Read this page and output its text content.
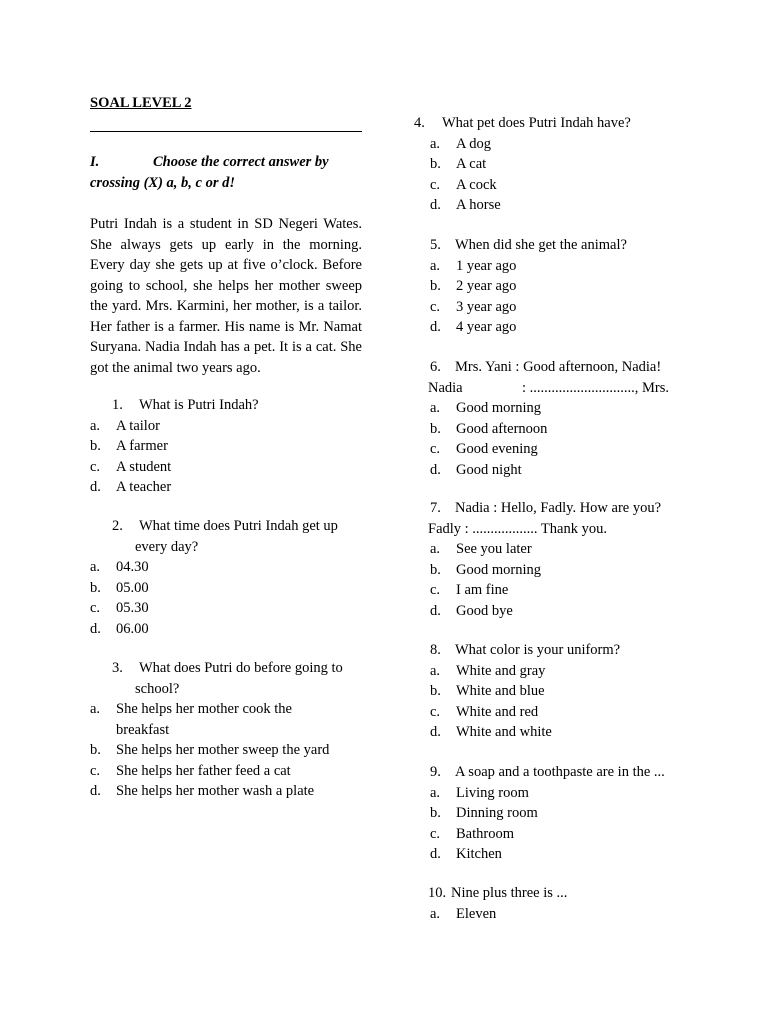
SOAL LEVEL 2
I.	Choose the correct answer by
crossing (X) a, b, c or d!
Putri Indah is a student in SD Negeri Wates. She always gets up early in the morning. Every day she gets up at five o’clock. Before going to school, she helps her mother sweep the yard. Mrs. Karmini, her mother, is a tailor. Her father is a farmer. His name is Mr. Namat Suryana. Nadia Indah has a pet. It is a cat. She got the animal two years ago.
1.	What is Putri Indah?
a.	A tailor
b.	A farmer
c.	A student
d.	A teacher
2.	What time does Putri Indah get up
every day?
a.	04.30
b.	05.00
c.	05.30
d.	06.00
3.	What does Putri do before going to
school?
a.	She helps her mother cook the
breakfast
b.	She helps her mother sweep the yard
c.	She helps her father feed a cat
d.	She helps her mother wash a plate
4.	What pet does Putri Indah have?
a.	A dog
b.	A cat
c.	A cock
d.	A horse
5. When did she get the animal?
a.	1 year ago
b.	2 year ago
c.	3 year ago
d.	4 year ago
6. Mrs. Yani : Good afternoon, Nadia!
Nadia	: ............................., Mrs.
a.	Good morning
b.	Good afternoon
c.	Good evening
d.	Good night
7. Nadia : Hello, Fadly. How are you?
Fadly : .................. Thank you.
a.	See you later
b.	Good morning
c.	I am fine
d.	Good bye
8. What color is your uniform?
a.	White and gray
b.	White and blue
c.	White and red
d.	White and white
9. A soap and a toothpaste are in the ...
a.	Living room
b.	Dinning room
c.	Bathroom
d.	Kitchen
10. Nine plus three is ...
a.	Eleven
